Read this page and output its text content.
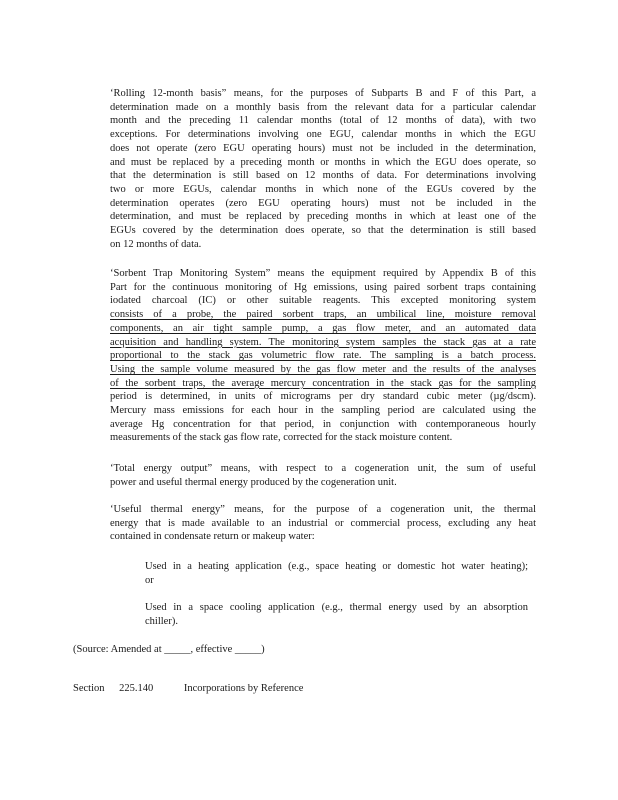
‘Rolling 12-month basis” means, for the purposes of Subparts B and F of this Part, a
determination made on a monthly basis from the relevant data for a particular calendar
month and the preceding 11 calendar months (total of 12 months of data), with two
exceptions. For determinations involving one EGU, calendar months in which the EGU
does not operate (zero EGU operating hours) must not be included in the determination,
and must be replaced by a preceding month or months in which the EGU does operate, so
that the determination is still based on 12 months of data. For determinations involving
two or more EGUs, calendar months in which none of the EGUs covered by the
determination operates (zero EGU operating hours) must not be included in the
determination, and must be replaced by preceding months in which at least one of the
EGUs covered by the determination does operate, so that the determination is still based
on 12 months of data.
‘Sorbent Trap Monitoring System” means the equipment required by Appendix B of this
Part for the continuous monitoring of Hg emissions, using paired sorbent traps containing
iodated charcoal (IC) or other suitable reagents. This excepted monitoring system
consists of a probe, the paired sorbent traps, an umbilical line, moisture removal
components, an air tight sample pump, a gas flow meter, and an automated data
acquisition and handling system. The monitoring system samples the stack gas at a rate
proportional to the stack gas volumetric flow rate. The sampling is a batch process.
Using the sample volume measured by the gas flow meter and the results of the analyses
of the sorbent traps, the average mercury concentration in the stack gas for the sampling
period is determined, in units of micrograms per dry standard cubic meter (µg/dscm).
Mercury mass emissions for each hour in the sampling period are calculated using the
average Hg concentration for that period, in conjunction with contemporaneous hourly
measurements of the stack gas flow rate, corrected for the stack moisture content.
‘Total energy output” means, with respect to a cogeneration unit, the sum of useful
power and useful thermal energy produced by the cogeneration unit.
‘Useful thermal energy” means, for the purpose of a cogeneration unit, the thermal
energy that is made available to an industrial or commercial process, excluding any heat
contained in condensate return or makeup water:
Used in a heating application (e.g., space heating or domestic hot water heating);
or
Used in a space cooling application (e.g., thermal energy used by an absorption
chiller).
(Source: Amended at _____, effective _____)
Section 225.140	Incorporations by Reference
